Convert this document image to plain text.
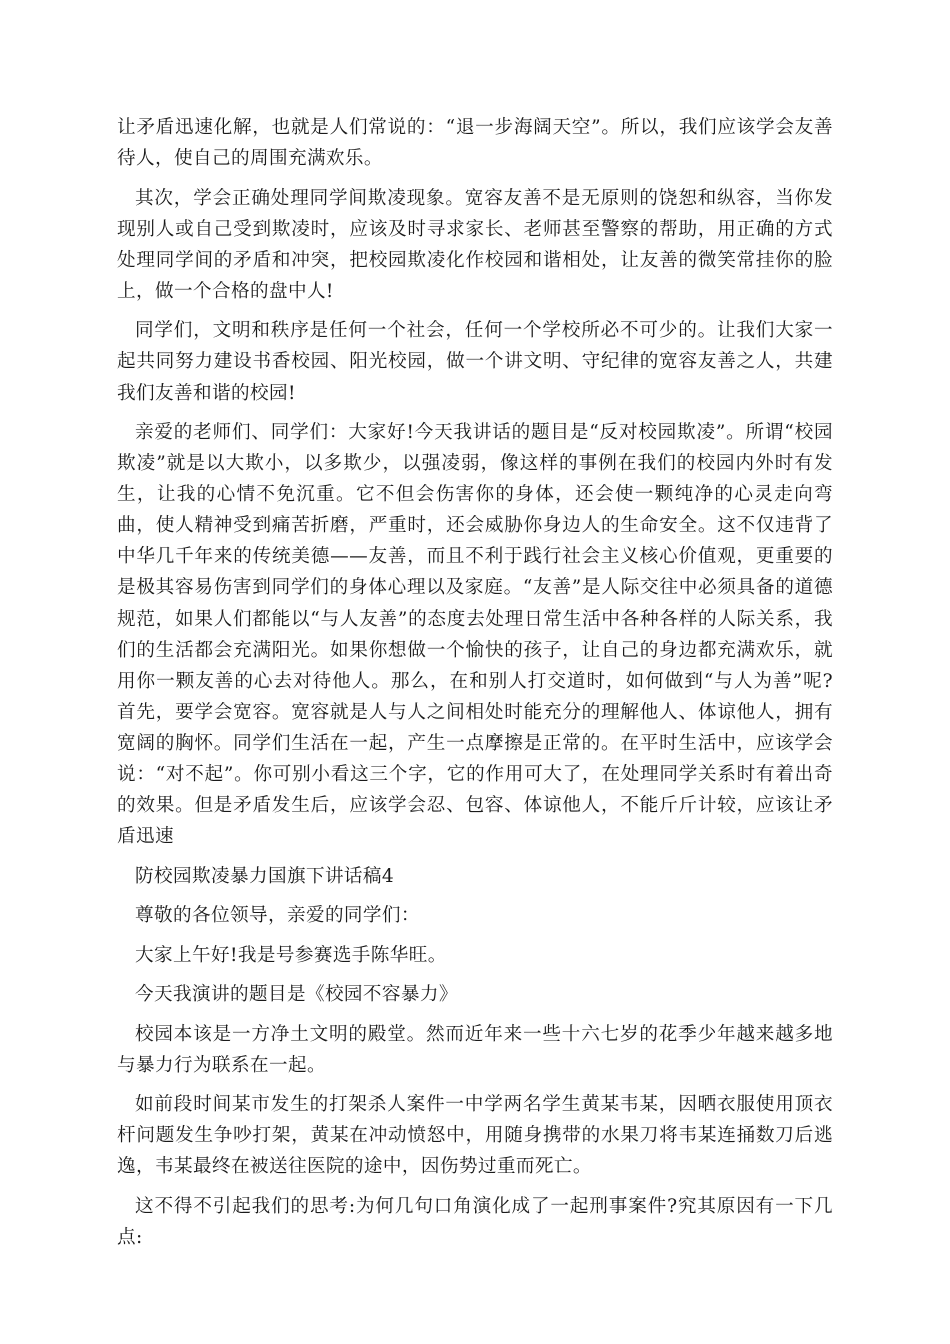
让矛盾迅速化解，也就是人们常说的：“退一步海阔天空”。所以，我们应该学会友善待人，使自己的周围充满欢乐。

其次，学会正确处理同学间欺凌现象。宽容友善不是无原则的饶恕和纵容，当你发现别人或自己受到欺凌时，应该及时寻求家长、老师甚至警察的帮助，用正确的方式处理同学间的矛盾和冲突，把校园欺凌化作校园和谐相处，让友善的微笑常挂你的脸上，做一个合格的盘中人!

同学们，文明和秩序是任何一个社会，任何一个学校所必不可少的。让我们大家一起共同努力建设书香校园、阳光校园，做一个讲文明、守纪律的宽容友善之人，共建我们友善和谐的校园!

亲爱的老师们、同学们：大家好!今天我讲话的题目是“反对校园欺凌”。所谓“校园欺凌”就是以大欺小，以多欺少，以强凌弱，像这样的事例在我们的校园内外时有发生，让我的心情不免沉重。它不但会伤害你的身体，还会使一颗纯净的心灵走向弯曲，使人精神受到痛苦折磨，严重时，还会威胁你身边人的生命安全。这不仅违背了中华几千年来的传统美德——友善，而且不利于践行社会主义核心价值观，更重要的是极其容易伤害到同学们的身体心理以及家庭。“友善”是人际交往中必须具备的道德规范，如果人们都能以“与人友善”的态度去处理日常生活中各种各样的人际关系，我们的生活都会充满阳光。如果你想做一个愉快的孩子，让自己的身边都充满欢乐，就用你一颗友善的心去对待他人。那么，在和别人打交道时，如何做到“与人为善”呢? 首先，要学会宽容。宽容就是人与人之间相处时能充分的理解他人、体谅他人，拥有宽阔的胸怀。同学们生活在一起，产生一点摩擦是正常的。在平时生活中，应该学会说：“对不起”。你可别小看这三个字，它的作用可大了，在处理同学关系时有着出奇的效果。但是矛盾发生后，应该学会忍、包容、体谅他人，不能斤斤计较，应该让矛盾迅速

防校园欺凌暴力国旗下讲话稿4

尊敬的各位领导，亲爱的同学们：

大家上午好!我是号参赛选手陈华旺。

今天我演讲的题目是《校园不容暴力》

校园本该是一方净土文明的殿堂。然而近年来一些十六七岁的花季少年越来越多地与暴力行为联系在一起。

如前段时间某市发生的打架杀人案件一中学两名学生黄某韦某，因晒衣服使用顶衣杆问题发生争吵打架，黄某在冲动愤怒中，用随身携带的水果刀将韦某连捅数刀后逃逸，韦某最终在被送往医院的途中，因伤势过重而死亡。

这不得不引起我们的思考:为何几句口角演化成了一起刑事案件?究其原因有一下几点:
